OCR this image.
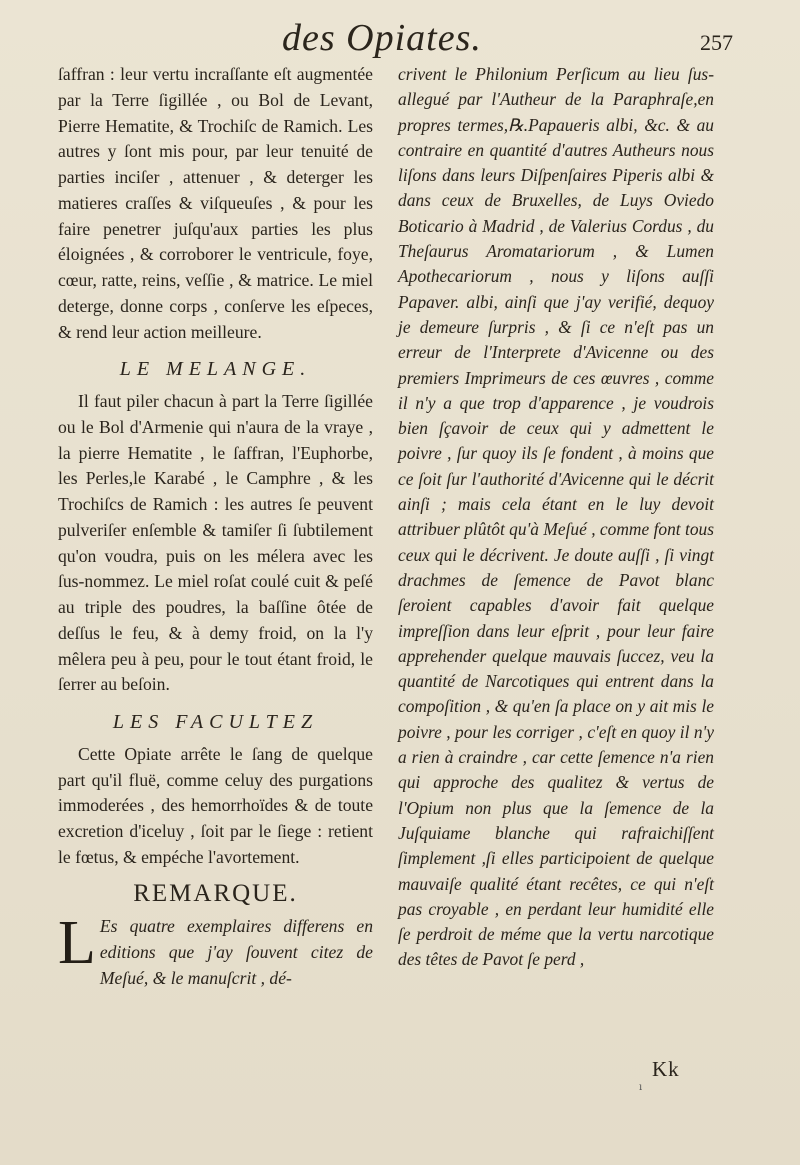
des Opiates.	257

ſaffran : leur vertu incraſſante eſt augmentée par la Terre ſigillée , ou Bol de Levant, Pierre Hematite, & Trochiſc de Ramich. Les autres y ſont mis pour, par leur tenuité de parties inciſer , attenuer , & deterger les matieres craſſes & viſqueuſes , & pour les faire penetrer juſqu'aux parties les plus éloignées , & corroborer le ventricule, foye, cœur, ratte, reins, veſſie , & matrice. Le miel deterge, donne corps , conſerve les eſpeces, & rend leur action meilleure.

LE MELANGE.

Il faut piler chacun à part la Terre ſigillée ou le Bol d'Armenie qui n'aura de la vraye , la pierre Hematite , le ſaffran, l'Euphorbe, les Perles,le Karabé , le Camphre , & les Trochiſcs de Ramich : les autres ſe peuvent pulveriſer enſemble & tamiſer ſi ſubtilement qu'on voudra, puis on les mélera avec les ſus-nommez. Le miel roſat coulé cuit & peſé au triple des poudres, la baſſine ôtée de deſſus le feu, & à demy froid, on la l'y mêlera peu à peu, pour le tout étant froid, le ſerrer au beſoin.

LES FACULTEZ

Cette Opiate arrête le ſang de quelque part qu'il fluë, comme celuy des purgations immoderées , des hemorrhoïdes & de toute excretion d'iceluy , ſoit par le ſiege : retient le fœtus, & empéche l'avortement.

REMARQUE.

L Es quatre exemplaires differens en editions que j'ay ſouvent citez de Meſué, & le manuſcrit , dé-

crivent le Philonium Perſicum au lieu ſus-allegué par l'Autheur de la Paraphraſe,en propres termes,℞.Papaueris albi, &c. & au contraire en quantité d'autres Autheurs nous liſons dans leurs Diſpenſaires Piperis albi & dans ceux de Bruxelles, de Luys Oviedo Boticario à Madrid , de Valerius Cordus , du Theſaurus Aromatariorum , & Lumen Apothecariorum , nous y liſons auſſi Papaver. albi, ainſi que j'ay verifié, dequoy je demeure ſurpris , & ſi ce n'eſt pas un erreur de l'Interprete d'Avicenne ou des premiers Imprimeurs de ces œuvres , comme il n'y a que trop d'apparence , je voudrois bien ſçavoir de ceux qui y admettent le poivre , ſur quoy ils ſe fondent , à moins que ce ſoit ſur l'authorité d'Avicenne qui le décrit ainſi ; mais cela étant en le luy devoit attribuer plûtôt qu'à Meſué , comme font tous ceux qui le décrivent. Je doute auſſi , ſi vingt drachmes de ſemence de Pavot blanc ſeroient capables d'avoir fait quelque impreſſion dans leur eſprit , pour leur faire apprehender quelque mauvais ſuccez, veu la quantité de Narcotiques qui entrent dans la compoſition , & qu'en ſa place on y ait mis le poivre , pour les corriger , c'eſt en quoy il n'y a rien à craindre , car cette ſemence n'a rien qui approche des qualitez & vertus de l'Opium non plus que la ſemence de la Juſquiame blanche qui rafraichiſſent ſimplement ,ſi elles participoient de quelque mauvaiſe qualité étant recêtes, ce qui n'eſt pas croyable , en perdant leur humidité elle ſe perdroit de méme que la vertu narcotique des têtes de Pavot ſe perd ,

Kk
ı
